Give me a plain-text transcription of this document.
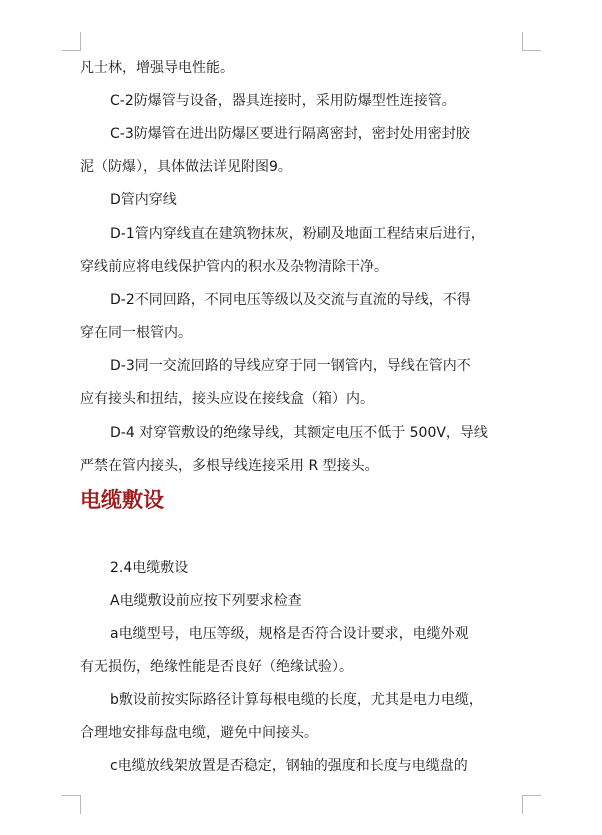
凡士林，增强导电性能。
C-2防爆管与设备，器具连接时，采用防爆型性连接管。
C-3防爆管在进出防爆区要进行隔离密封，密封处用密封胶
泥（防爆），具体做法详见附图9。
D管内穿线
D-1管内穿线直在建筑物抹灰，粉刷及地面工程结束后进行，
穿线前应将电线保护管内的积水及杂物清除干净。
D-2不同回路，不同电压等级以及交流与直流的导线，不得
穿在同一根管内。
D-3同一交流回路的导线应穿于同一钢管内，导线在管内不
应有接头和扭结，接头应设在接线盒（箱）内。
D-4 对穿管敷设的绝缘导线，其额定电压不低于 500V，导线
严禁在管内接头，多根导线连接采用 R 型接头。
电缆敷设
2.4电缆敷设
A电缆敷设前应按下列要求检查
a电缆型号，电压等级，规格是否符合设计要求，电缆外观
有无损伤，绝缘性能是否良好（绝缘试验）。
b敷设前按实际路径计算每根电缆的长度，尤其是电力电缆，
合理地安排每盘电缆，避免中间接头。
c电缆放线架放置是否稳定，钢轴的强度和长度与电缆盘的
